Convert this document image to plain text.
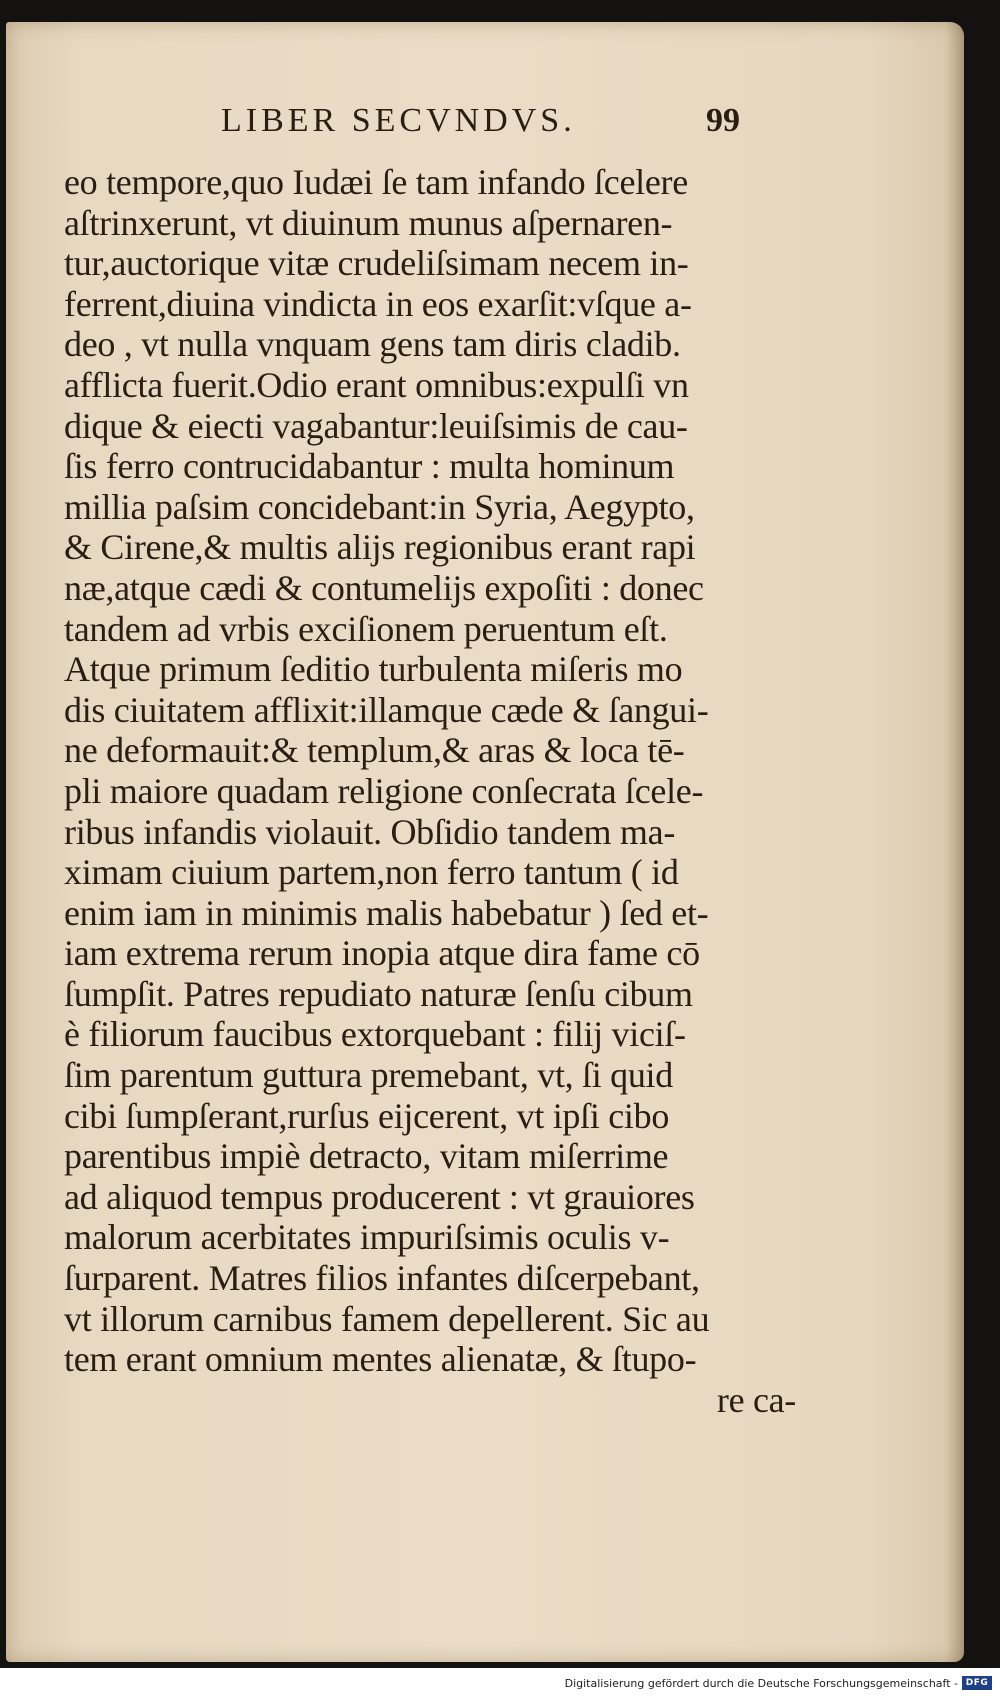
LIBER SECVNDVS.	99
eo tempore,quo Iudæi ſe tam infando ſcelere
aſtrinxerunt, vt diuinum munus aſpernaren-
tur,auctorique vitæ crudeliſsimam necem in-
ferrent,diuina vindicta in eos exarſit:vſque a-
deo , vt nulla vnquam gens tam diris cladib.
afflicta fuerit.Odio erant omnibus:expulſi vn
dique & eiecti vagabantur:leuiſsimis de cau-
ſis ferro contrucidabantur : multa hominum
millia paſsim concidebant:in Syria, Aegypto,
& Cirene,& multis alijs regionibus erant rapi
næ,atque cædi & contumelijs expoſiti : donec
tandem ad vrbis exciſionem peruentum eſt.
Atque primum ſeditio turbulenta miſeris mo
dis ciuitatem afflixit:illamque cæde & ſangui-
ne deformauit:& templum,& aras & loca tē-
pli maiore quadam religione conſecrata ſcele-
ribus infandis violauit. Obſidio tandem ma-
ximam ciuium partem,non ferro tantum ( id
enim iam in minimis malis habebatur ) ſed et-
iam extrema rerum inopia atque dira fame cō
ſumpſit. Patres repudiato naturæ ſenſu cibum
è filiorum faucibus extorquebant : filij viciſ-
ſim parentum guttura premebant, vt, ſi quid
cibi ſumpſerant,rurſus eijcerent, vt ipſi cibo
parentibus impiè detracto, vitam miſerrime
ad aliquod tempus producerent : vt grauiores
malorum acerbitates impuriſsimis oculis v-
ſurparent. Matres filios infantes diſcerpebant,
vt illorum carnibus famem depellerent. Sic au
tem erant omnium mentes alienatæ, & ſtupo-
re ca-
Digitalisierung gefördert durch die Deutsche Forschungsgemeinschaft - DFG
